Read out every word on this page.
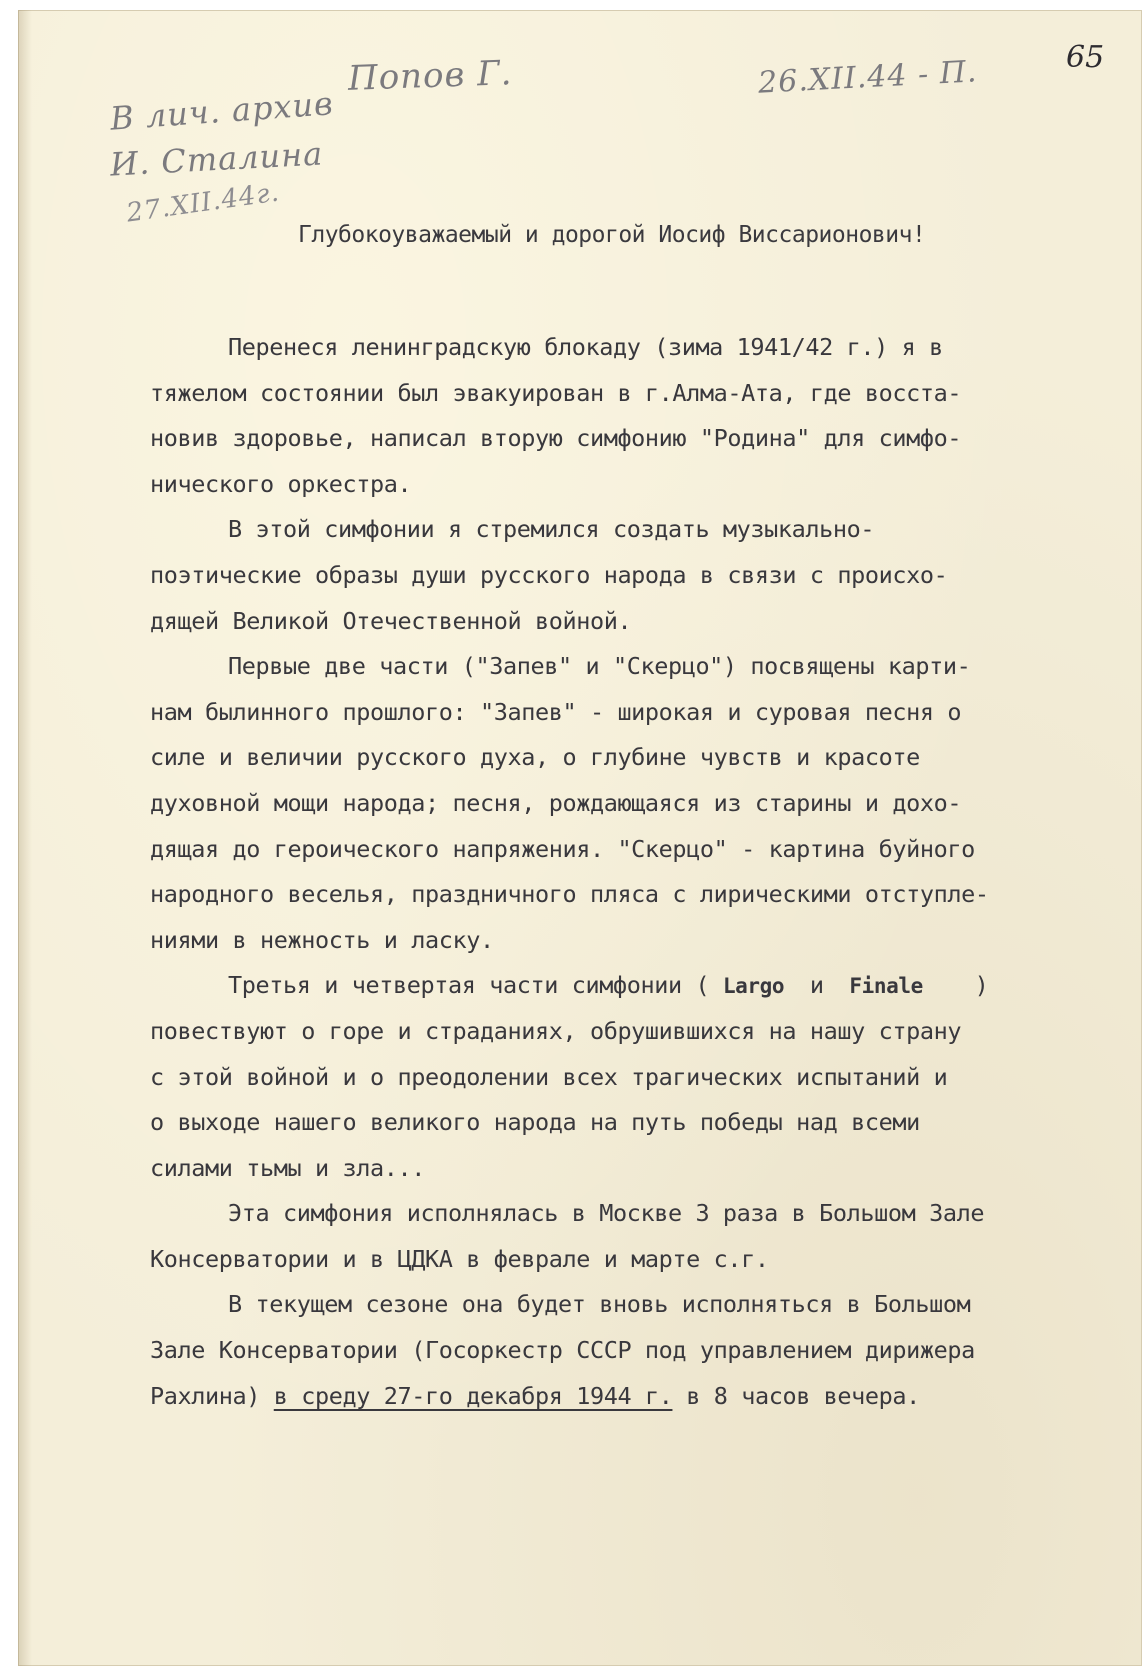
В лич. архив
И. Сталина
27.XII.44г.
Попов Г.	26.XII.44 - П.	65
Глубокоуважаемый и дорогой Иосиф Виссарионович!
Перенеся ленинградскую блокаду (зима 1941/42 г.) я в
тяжелом состоянии был эвакуирован в г.Алма-Ата, где восста-
новив здоровье, написал вторую симфонию "Родина" для симфо-
нического оркестра.
В этой симфонии я стремился создать музыкально-
поэтические образы души русского народа в связи с происхо-
дящей Великой Отечественной войной.
Первые две части ("Запев" и "Скерцо") посвящены карти-
нам былинного прошлого: "Запев" - широкая и суровая песня о
силе и величии русского духа, о глубине чувств и красоте
духовной мощи народа; песня, рождающаяся из старины и дохо-
дящая до героического напряжения. "Скерцо" - картина буйного
народного веселья, праздничного пляса с лирическими отступле-
ниями в нежность и ласку.
Третья и четвертая части симфонии ( Largo и Finale )
повествуют о горе и страданиях, обрушившихся на нашу страну
с этой войной и о преодолении всех трагических испытаний и
о выходе нашего великого народа на путь победы над всеми
силами тьмы и зла...
Эта симфония исполнялась в Москве 3 раза в Большом Зале
Консерватории и в ЦДКА в феврале и марте с.г.
В текущем сезоне она будет вновь исполняться в Большом
Зале Консерватории (Госоркестр СССР под управлением дирижера
Рахлина) в среду 27-го декабря 1944 г. в 8 часов вечера.
